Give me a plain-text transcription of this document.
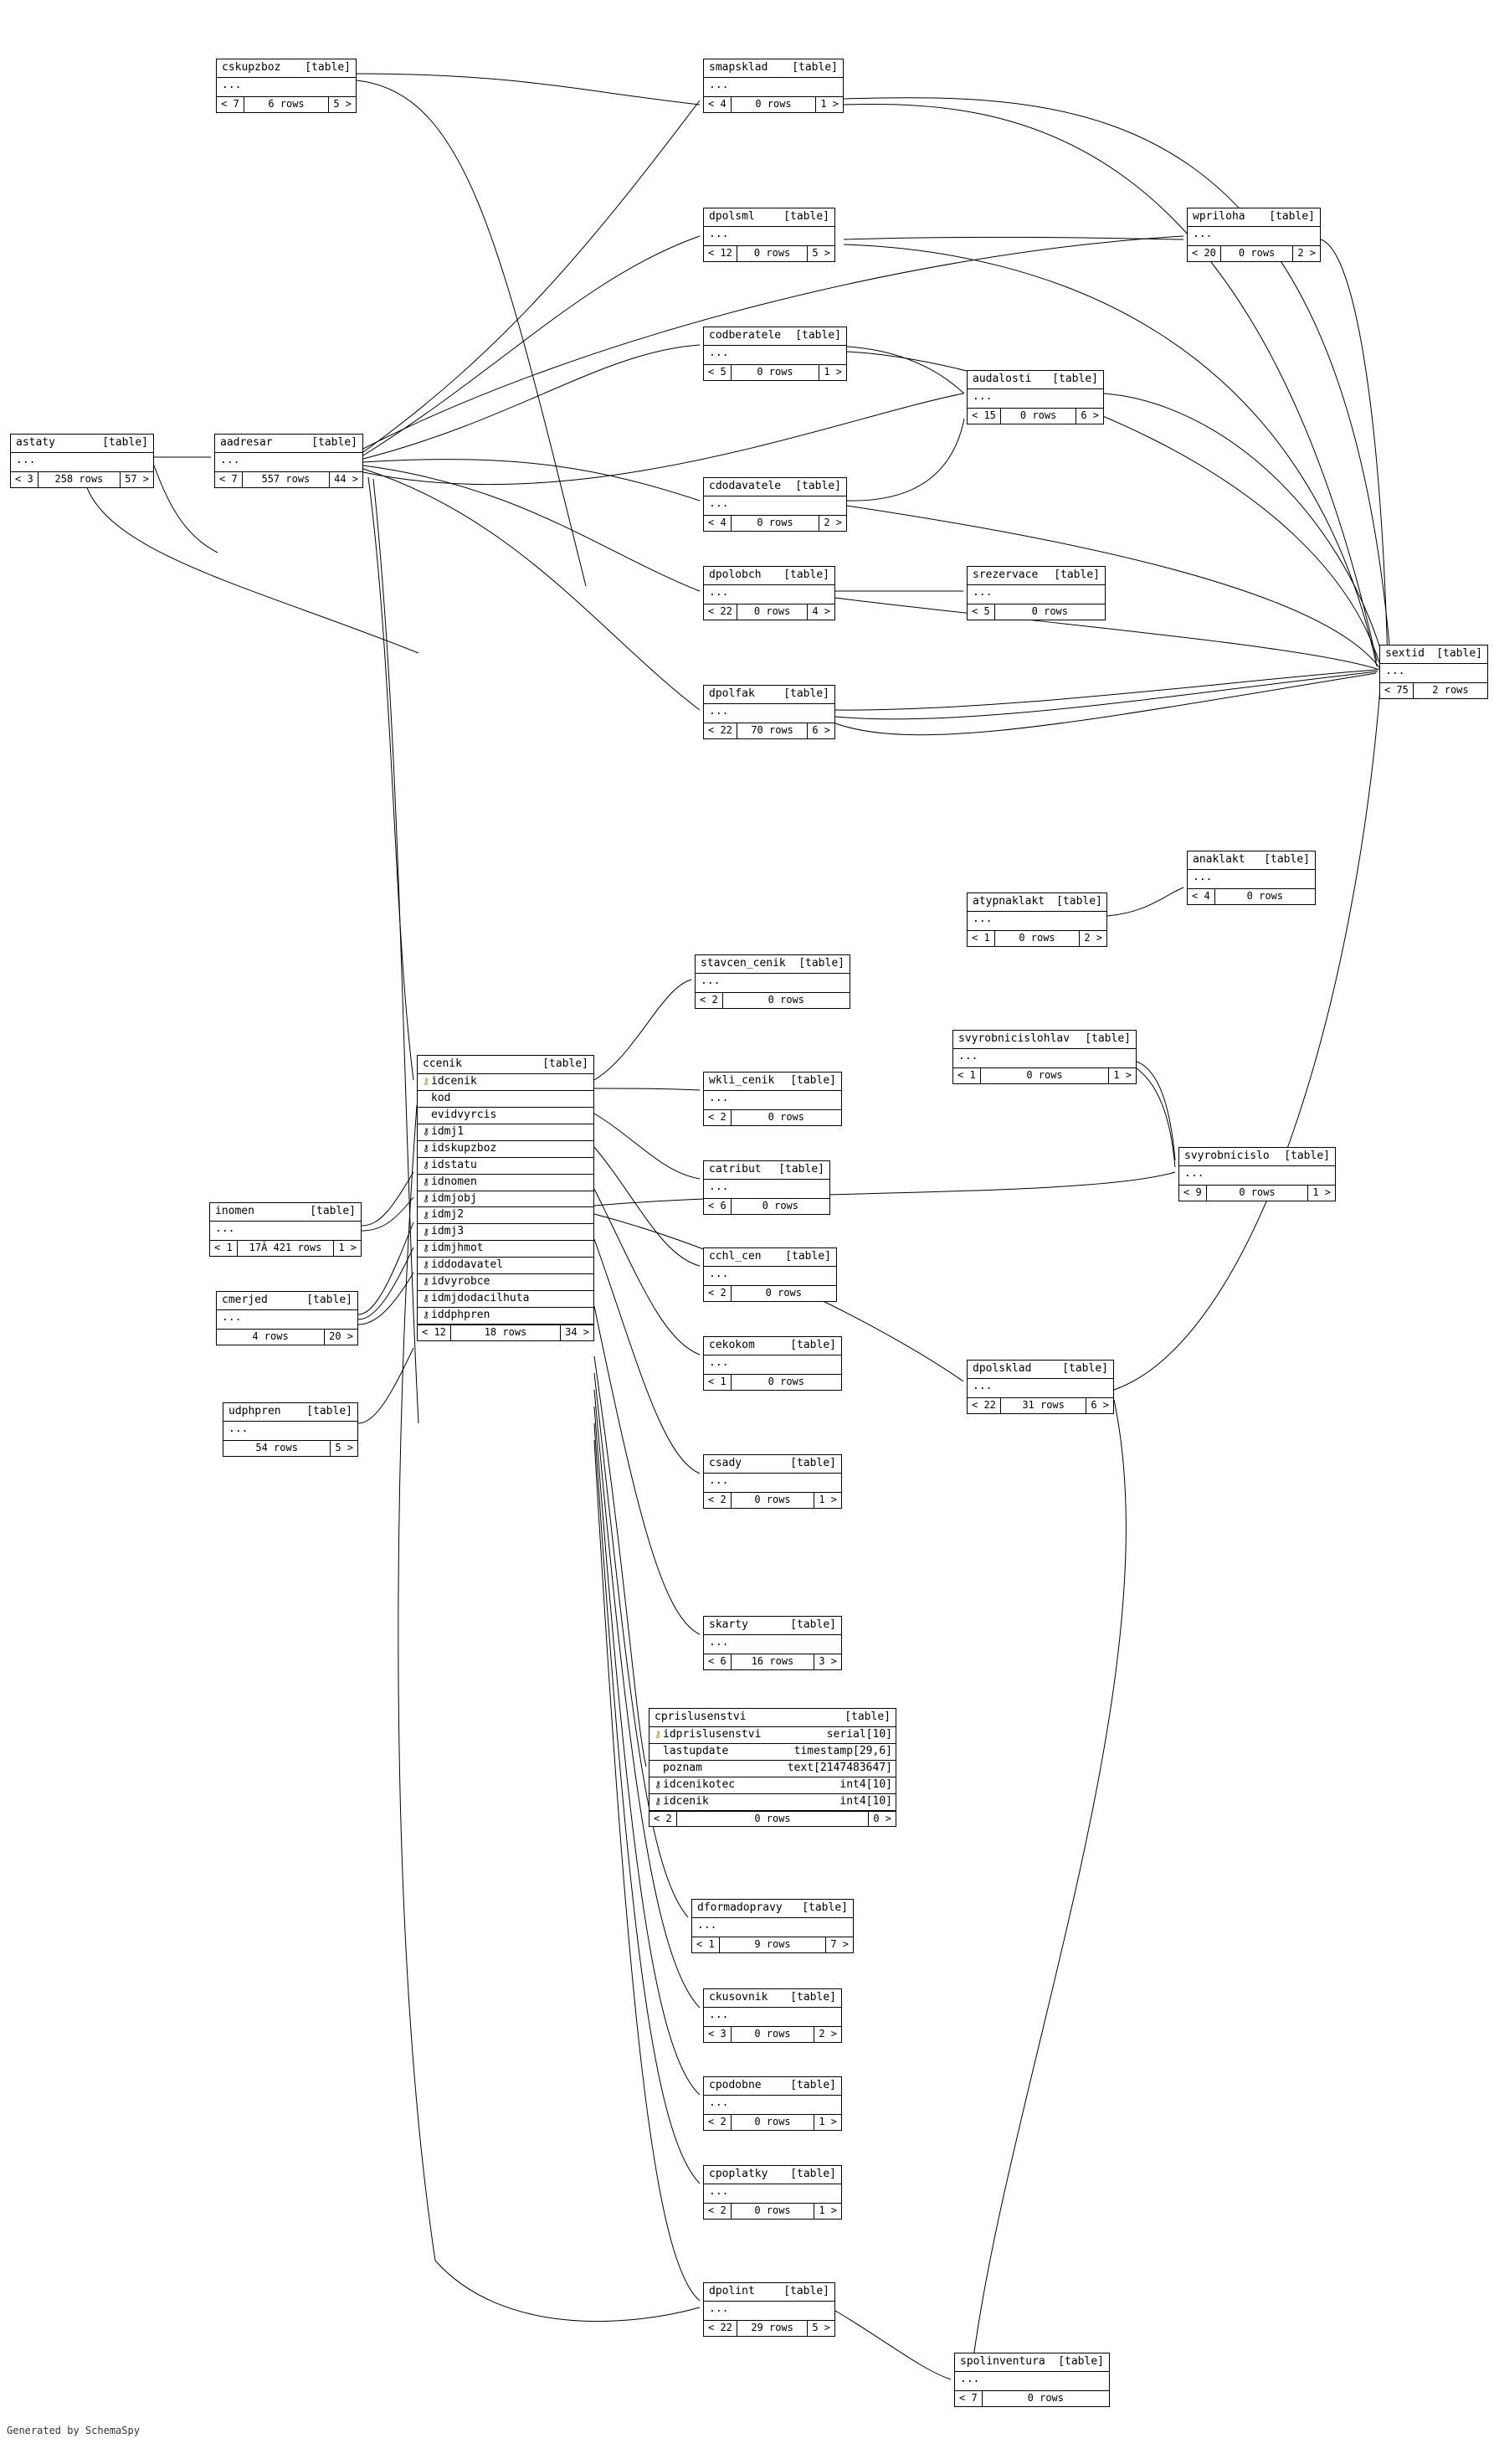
Generated by SchemaSpy
cskupzboz	[table]
...
< 7	6 rows	5 >
smapsklad	[table]
...
< 4	0 rows	1 >
dpolsml	[table]
...
< 12	0 rows	5 >
wpriloha	[table]
...
< 20	0 rows	2 >
codberatele	[table]
...
< 5	0 rows	1 >
audalosti	[table]
...
< 15	0 rows	6 >
astaty	[table]
...
< 3	258 rows	57 >
aadresar	[table]
...
< 7	557 rows	44 >
cdodavatele	[table]
...
< 4	0 rows	2 >
dpolobch	[table]
...
< 22	0 rows	4 >
srezervace	[table]
...
< 5	0 rows
dpolfak	[table]
...
< 22	70 rows	6 >
sextid	[table]
...
< 75	2 rows
anaklakt	[table]
...
< 4	0 rows
atypnaklakt	[table]
...
< 1	0 rows	2 >
stavcen_cenik	[table]
...
< 2	0 rows
svyrobnicislohlav	[table]
...
< 1	0 rows	1 >
ccenik	[table]
⚷ idcenik
kod
evidvyrcis
⚷ idmj1
⚷ idskupzboz
⚷ idstatu
⚷ idnomen
⚷ idmjobj
⚷ idmj2
⚷ idmj3
⚷ idmjhmot
⚷ iddodavatel
⚷ idvyrobce
⚷ idmjdodacilhuta
⚷ iddphpren
< 12	18 rows	34 >
wkli_cenik	[table]
...
< 2	0 rows
svyrobnicislo	[table]
...
< 9	0 rows	1 >
catribut	[table]
...
< 6	0 rows
inomen	[table]
...
< 1	17Ã 421 rows	1 >
cchl_cen	[table]
...
< 2	0 rows
cmerjed	[table]
...
4 rows	20 >
cekokom	[table]
...
< 1	0 rows
dpolsklad	[table]
...
< 22	31 rows	6 >
udphpren	[table]
...
54 rows	5 >
csady	[table]
...
< 2	0 rows	1 >
skarty	[table]
...
< 6	16 rows	3 >
cprislusenstvi	[table]
⚷ idprislusenstvi	serial[10]
lastupdate	timestamp[29,6]
poznam	text[2147483647]
⚷ idcenikotec	int4[10]
⚷ idcenik	int4[10]
< 2	0 rows	0 >
dformadopravy	[table]
...
< 1	9 rows	7 >
ckusovnik	[table]
...
< 3	0 rows	2 >
cpodobne	[table]
...
< 2	0 rows	1 >
cpoplatky	[table]
...
< 2	0 rows	1 >
dpolint	[table]
...
< 22	29 rows	5 >
spolinventura	[table]
...
< 7	0 rows
